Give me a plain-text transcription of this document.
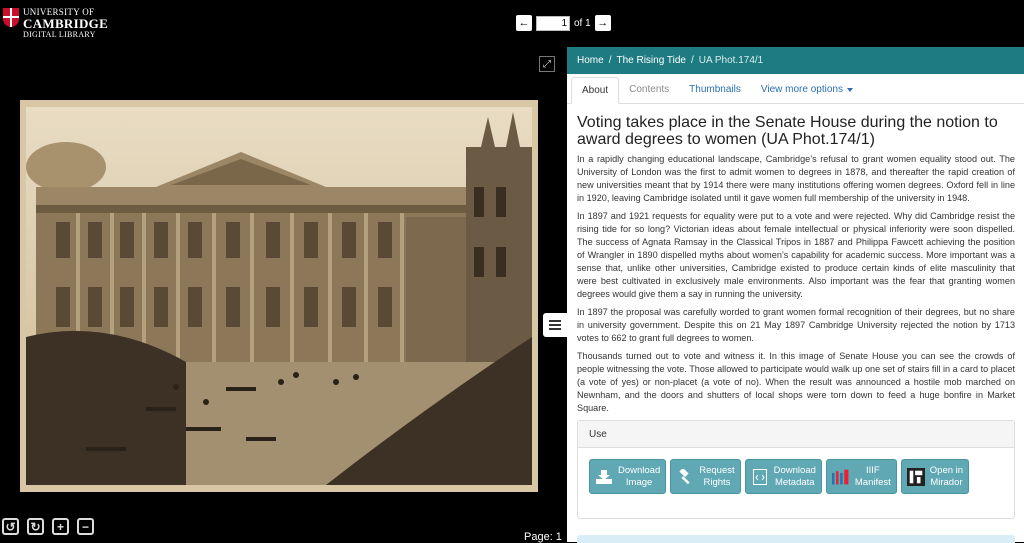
UNIVERSITY OF
CAMBRIDGE
DIGITAL LIBRARY
←
1	of 1 →
⤢
↺ ↻ + −
Page: 1
Home / The Rising Tide / UA Phot.174/1
About	Contents	Thumbnails	View more options
Voting takes place in the Senate House during the notion to award degrees to women (UA Phot.174/1)

In a rapidly changing educational landscape, Cambridge’s refusal to grant women equality stood out. The University of London was the first to admit women to degrees in 1878, and thereafter the rapid creation of new universities meant that by 1914 there were many institutions offering women degrees. Oxford fell in line in 1920, leaving Cambridge isolated until it gave women full membership of the university in 1948.

In 1897 and 1921 requests for equality were put to a vote and were rejected. Why did Cambridge resist the rising tide for so long? Victorian ideas about female intellectual or physical inferiority were soon dispelled. The success of Agnata Ramsay in the Classical Tripos in 1887 and Philippa Fawcett achieving the position of Wrangler in 1890 dispelled myths about women’s capability for academic success. More important was a sense that, unlike other universities, Cambridge existed to produce certain kinds of elite masculinity that were best cultivated in exclusively male environments. Also important was the fear that granting women degrees would give them a say in running the university.

In 1897 the proposal was carefully worded to grant women formal recognition of their degrees, but no share in university government. Despite this on 21 May 1897 Cambridge University rejected the notion by 1713 votes to 662 to grant full degrees to women.

Thousands turned out to vote and witness it. In this image of Senate House you can see the crowds of people witnessing the vote. Those allowed to participate would walk up one set of stairs fill in a card to placet (a vote of yes) or non-placet (a vote of no). When the result was announced a hostile mob marched on Newnham, and the doors and shutters of local shops were torn down to feed a huge bonfire in Market Square.

Use
Download
Image
Request
Rights
Download
Metadata
IIIF
Manifest
Open in
Mirador
